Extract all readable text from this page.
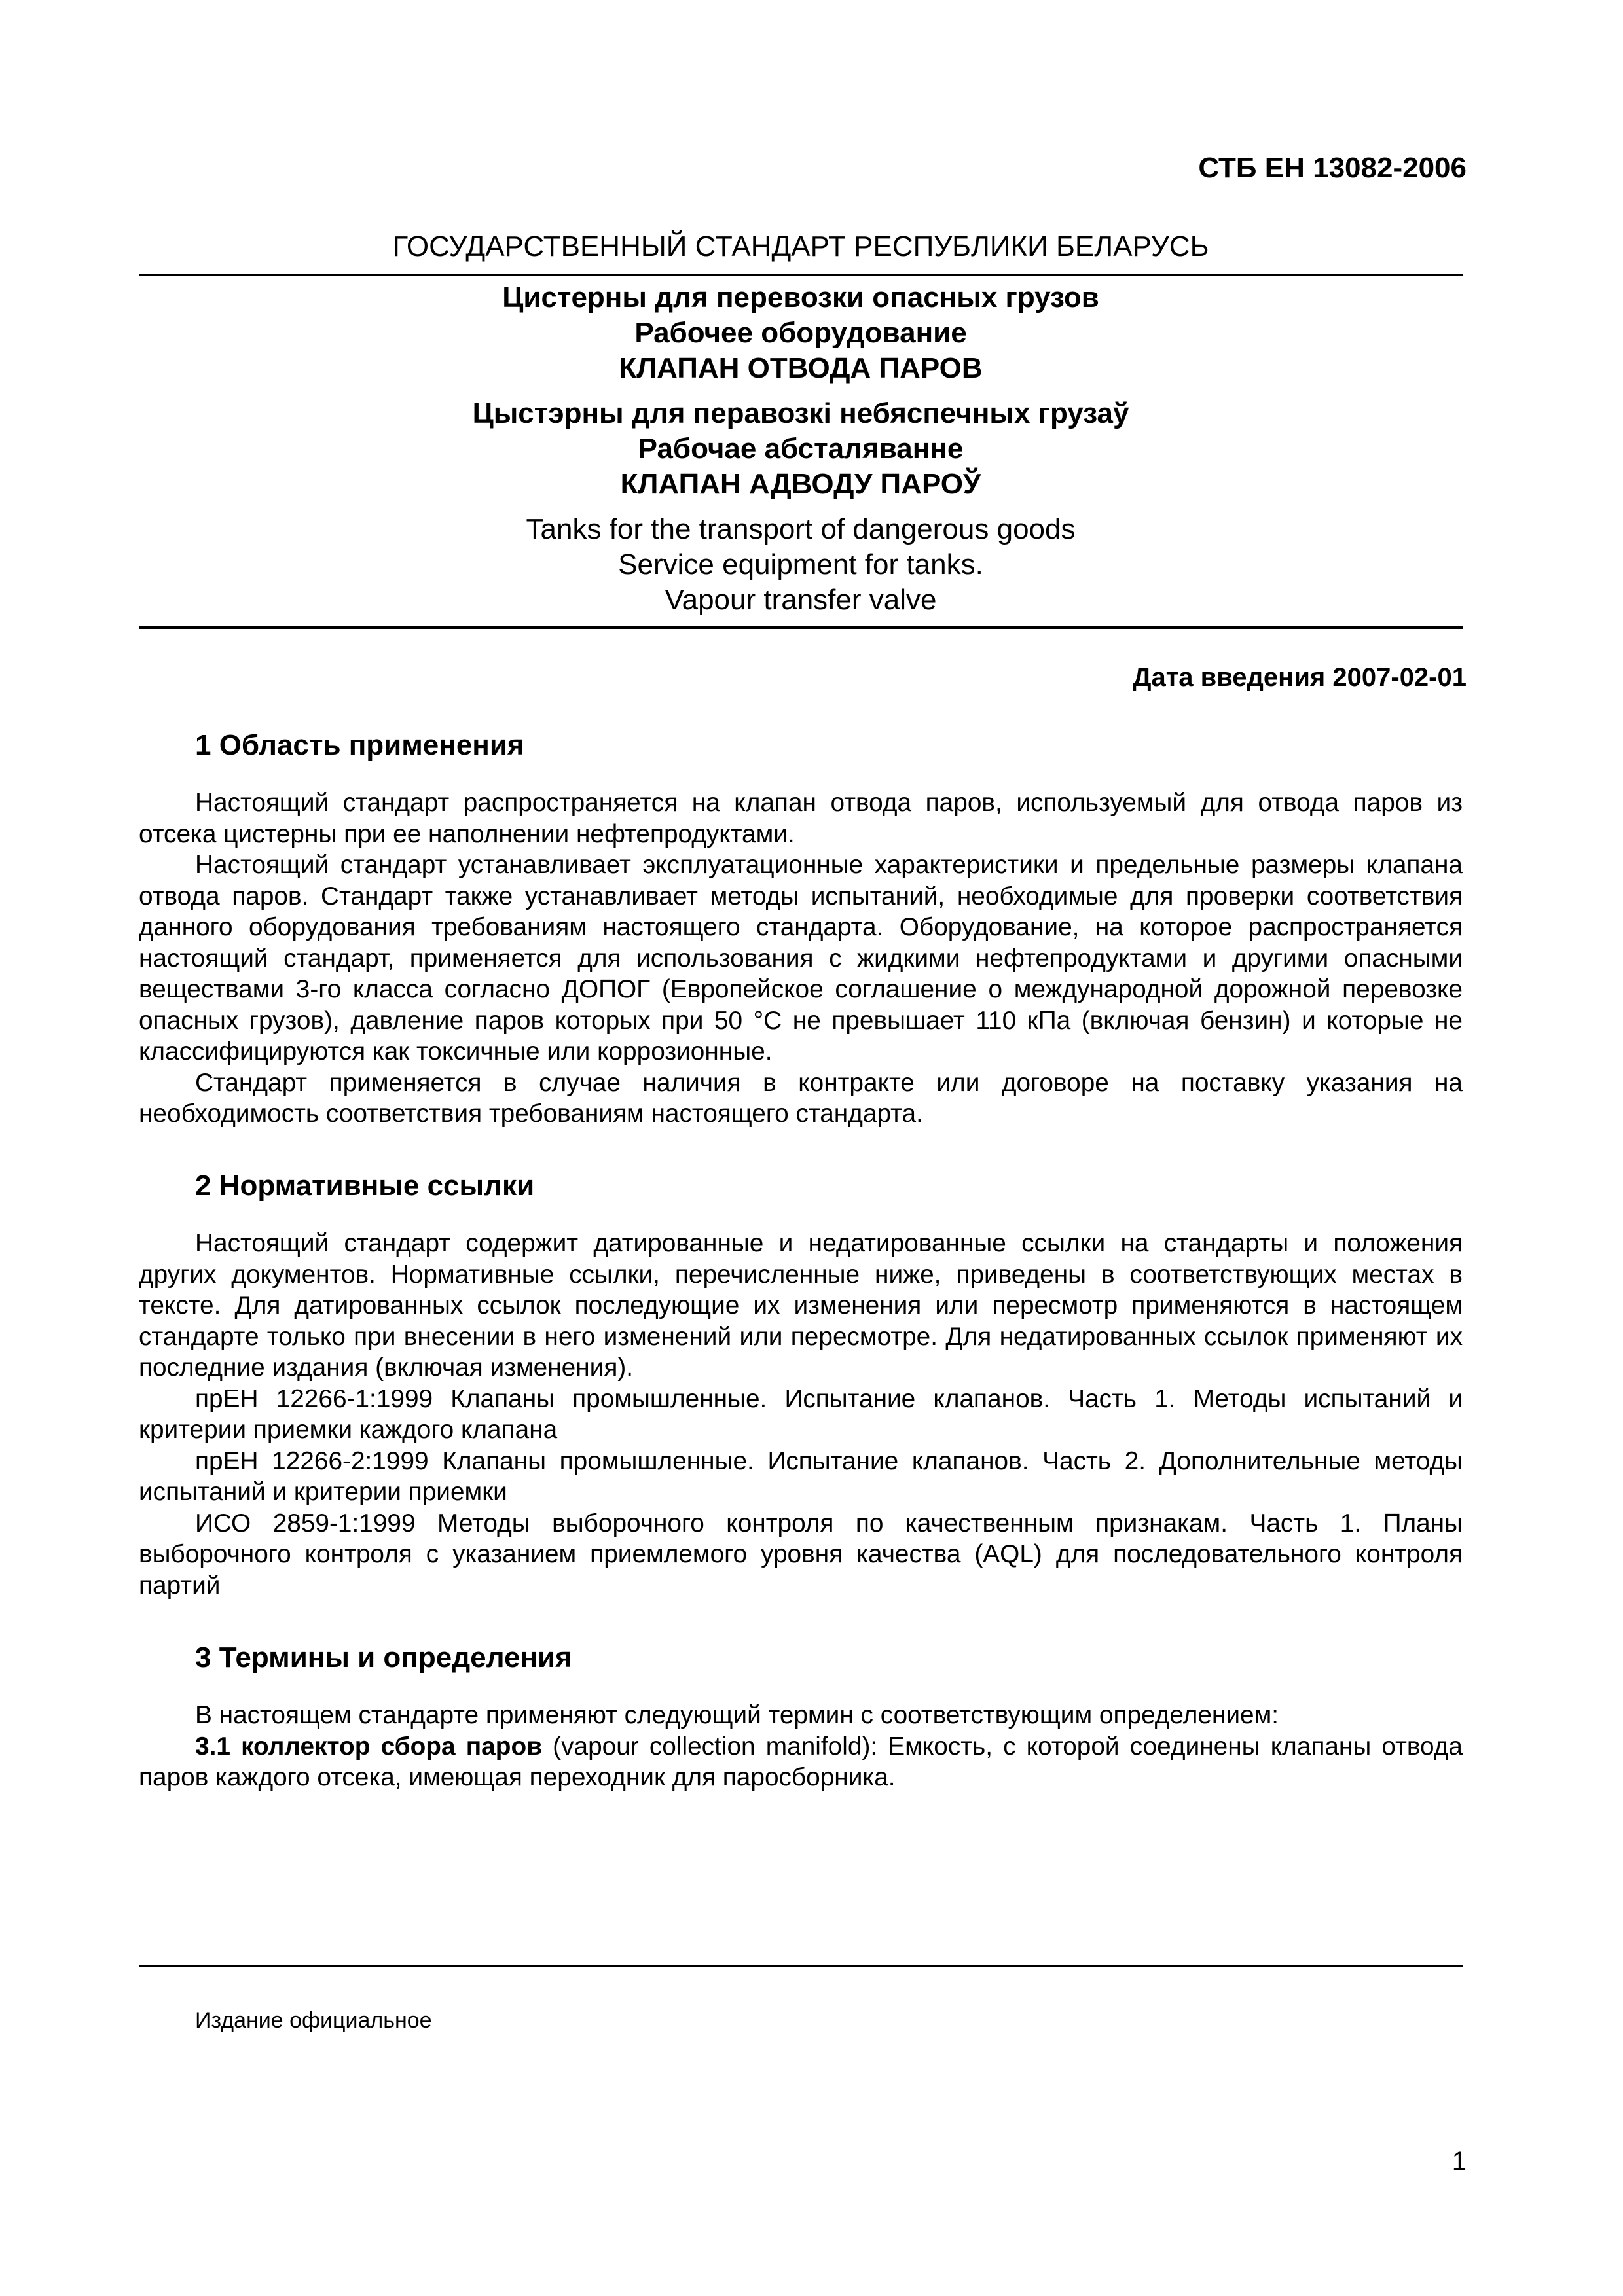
СТБ ЕН 13082-2006
ГОСУДАРСТВЕННЫЙ СТАНДАРТ РЕСПУБЛИКИ БЕЛАРУСЬ
Цистерны для перевозки опасных грузов
Рабочее оборудование
КЛАПАН ОТВОДА ПАРОВ
Цыстэрны для перавозкі небяспечных грузаў
Рабочае абсталяванне
КЛАПАН АДВОДУ ПАРОЎ
Tanks for the transport of dangerous goods
Service equipment for tanks.
Vapour transfer valve
Дата введения 2007-02-01
1 Область применения

Настоящий стандарт распространяется на клапан отвода паров, используемый для отвода паров из отсека цистерны при ее наполнении нефтепродуктами.

Настоящий стандарт устанавливает эксплуатационные характеристики и предельные размеры клапана отвода паров. Стандарт также устанавливает методы испытаний, необходимые для проверки соответствия данного оборудования требованиям настоящего стандарта. Оборудование, на которое распространяется настоящий стандарт, применяется для использования с жидкими нефтепродуктами и другими опасными веществами 3-го класса согласно ДОПОГ (Европейское соглашение о международной дорожной перевозке опасных грузов), давление паров которых при 50 °С не превышает 110 кПа (включая бензин) и которые не классифицируются как токсичные или коррозионные.

Стандарт применяется в случае наличия в контракте или договоре на поставку указания на необходимость соответствия требованиям настоящего стандарта.

2 Нормативные ссылки

Настоящий стандарт содержит датированные и недатированные ссылки на стандарты и положения других документов. Нормативные ссылки, перечисленные ниже, приведены в соответствующих местах в тексте. Для датированных ссылок последующие их изменения или пересмотр применяются в настоящем стандарте только при внесении в него изменений или пересмотре. Для недатированных ссылок применяют их последние издания (включая изменения).

прЕН 12266-1:1999 Клапаны промышленные. Испытание клапанов. Часть 1. Методы испытаний и критерии приемки каждого клапана

прЕН 12266-2:1999 Клапаны промышленные. Испытание клапанов. Часть 2. Дополнительные методы испытаний и критерии приемки

ИСО 2859-1:1999 Методы выборочного контроля по качественным признакам. Часть 1. Планы выборочного контроля с указанием приемлемого уровня качества (AQL) для последовательного контроля партий

3 Термины и определения

В настоящем стандарте применяют следующий термин с соответствующим определением:

3.1 коллектор сбора паров (vapour collection manifold): Емкость, с которой соединены клапаны отвода паров каждого отсека, имеющая переходник для паросборника.

Издание официальное
1
